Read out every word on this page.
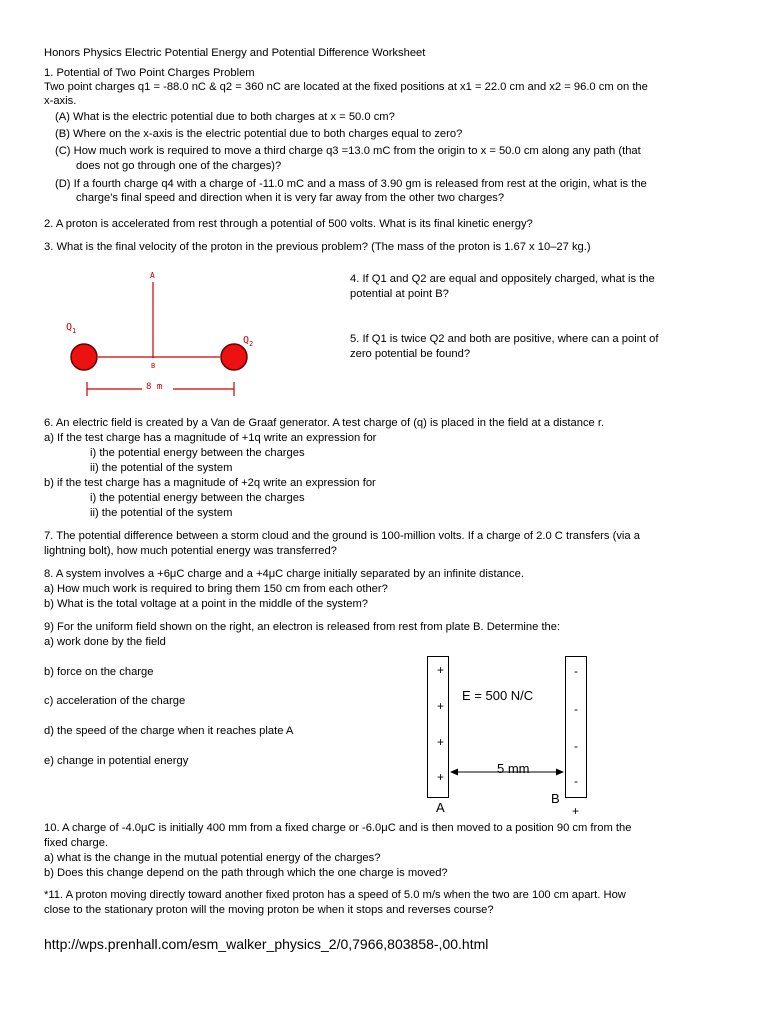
Honors Physics Electric Potential Energy and Potential Difference Worksheet
1. Potential of Two Point Charges Problem
Two point charges q1 = -88.0 nC & q2 = 360 nC are located at the fixed positions at x1 = 22.0 cm and x2 = 96.0 cm on the
x-axis.
(A) What is the electric potential due to both charges at x = 50.0 cm?
(B) Where on the x-axis is the electric potential due to both charges equal to zero?
(C) How much work is required to move a third charge q3 =13.0 mC from the origin to x = 50.0 cm along any path (that
does not go through one of the charges)?
(D) If a fourth charge q4 with a charge of -11.0 mC and a mass of 3.90 gm is released from rest at the origin, what is the
charge's final speed and direction when it is very far away from the other two charges?
2. A proton is accelerated from rest through a potential of 500 volts. What is its final kinetic energy?
3. What is the final velocity of the proton in the previous problem? (The mass of the proton is 1.67 x 10–27 kg.)
A
$Q_1$
$Q_2$
B
8 m
4. If Q1 and Q2 are equal and oppositely charged, what is the
potential at point B?
5. If Q1 is twice Q2 and both are positive, where can a point of
zero potential be found?
6. An electric field is created by a Van de Graaf generator. A test charge of (q) is placed in the field at a distance r.
a) If the test charge has a magnitude of +1q write an expression for
i) the potential energy between the charges
ii) the potential of the system
b) if the test charge has a magnitude of +2q write an expression for
i) the potential energy between the charges
ii) the potential of the system
7. The potential difference between a storm cloud and the ground is 100-million volts. If a charge of 2.0 C transfers (via a
lightning bolt), how much potential energy was transferred?
8. A system involves a +6μC charge and a +4μC charge initially separated by an infinite distance.
a) How much work is required to bring them 150 cm from each other?
b) What is the total voltage at a point in the middle of the system?
9) For the uniform field shown on the right, an electron is released from rest from plate B. Determine the:
a) work done by the field
b) force on the charge
c) acceleration of the charge
d) the speed of the charge when it reaches plate A
e) change in potential energy
+
+
+
+
-
-
-
-
E = 500 N/C
5 mm
A
B
+
10. A charge of -4.0μC is initially 400 mm from a fixed charge or -6.0μC and is then moved to a position 90 cm from the
fixed charge.
a) what is the change in the mutual potential energy of the charges?
b) Does this change depend on the path through which the one charge is moved?
*11. A proton moving directly toward another fixed proton has a speed of 5.0 m/s when the two are 100 cm apart. How
close to the stationary proton will the moving proton be when it stops and reverses course?
http://wps.prenhall.com/esm_walker_physics_2/0,7966,803858-,00.html
